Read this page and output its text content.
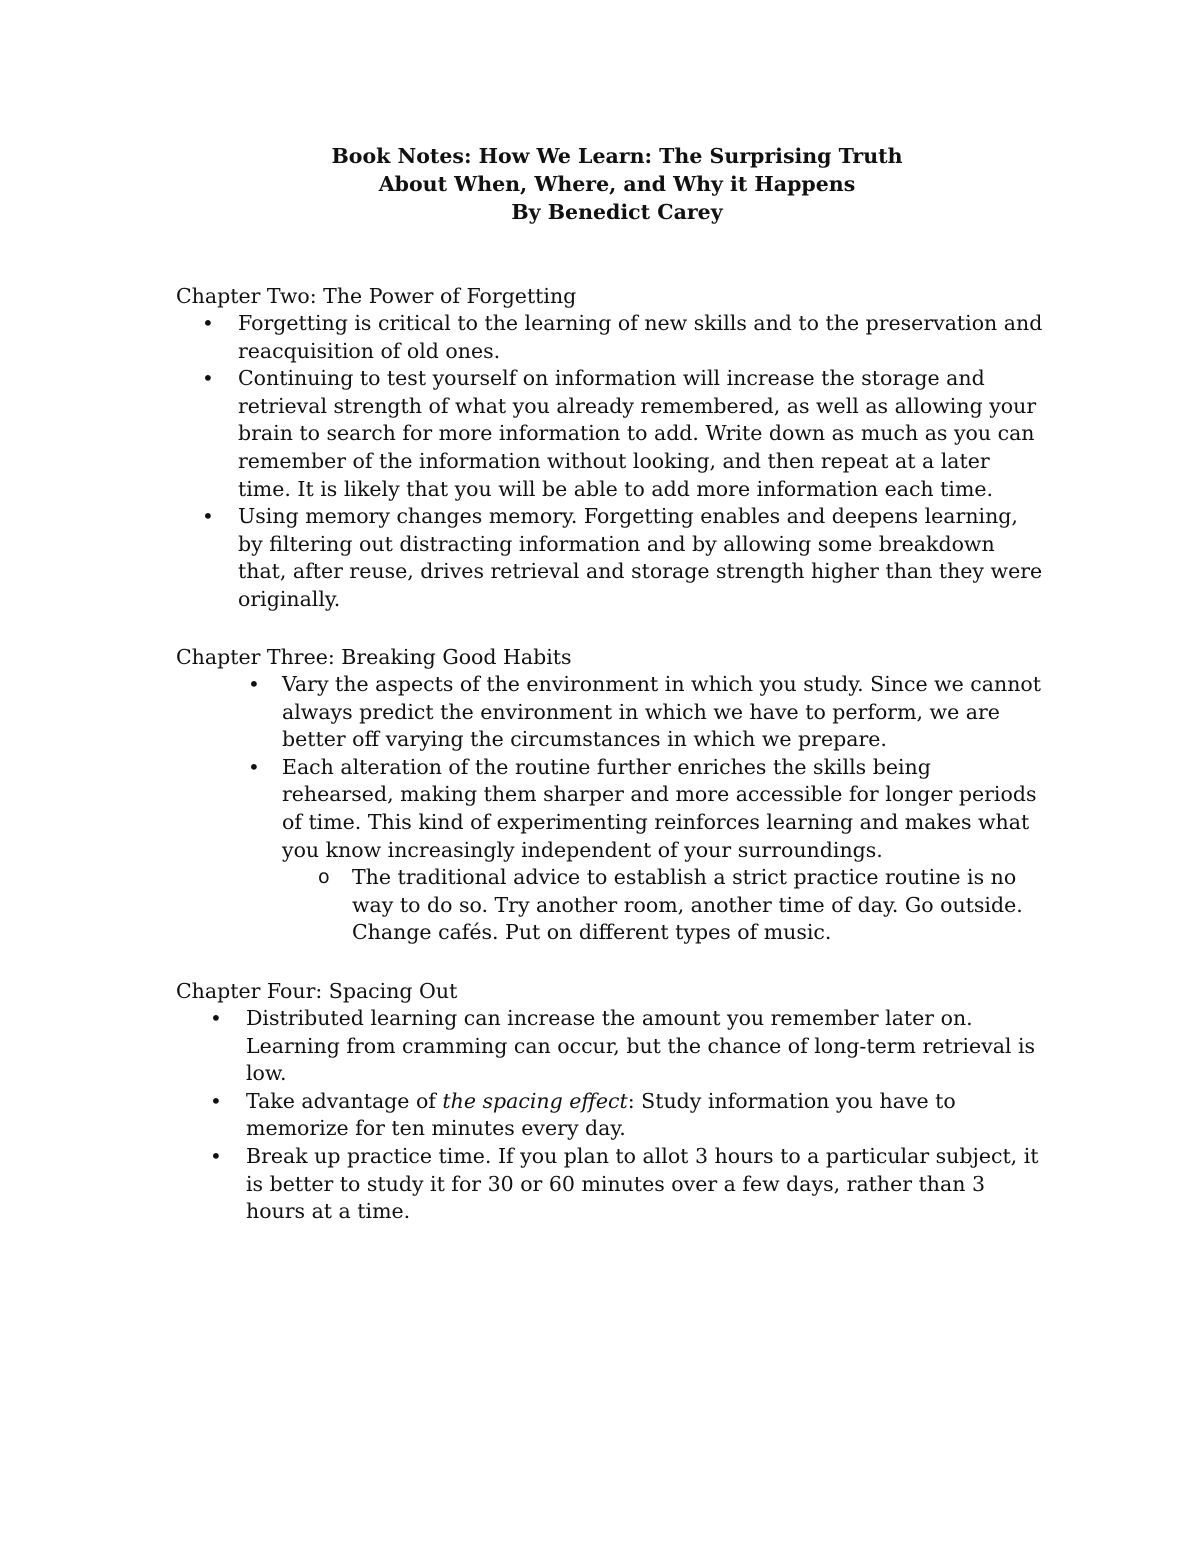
Book Notes: How We Learn: The Surprising Truth
About When, Where, and Why it Happens
By Benedict Carey

Chapter Two: The Power of Forgetting

• Forgetting is critical to the learning of new skills and to the preservation and reacquisition of old ones.
• Continuing to test yourself on information will increase the storage and retrieval strength of what you already remembered, as well as allowing your brain to search for more information to add. Write down as much as you can remember of the information without looking, and then repeat at a later time. It is likely that you will be able to add more information each time.
• Using memory changes memory. Forgetting enables and deepens learning, by filtering out distracting information and by allowing some breakdown that, after reuse, drives retrieval and storage strength higher than they were originally.

Chapter Three: Breaking Good Habits

• Vary the aspects of the environment in which you study. Since we cannot always predict the environment in which we have to perform, we are better off varying the circumstances in which we prepare.
• Each alteration of the routine further enriches the skills being rehearsed, making them sharper and more accessible for longer periods of time. This kind of experimenting reinforces learning and makes what you know increasingly independent of your surroundings.
o The traditional advice to establish a strict practice routine is no way to do so. Try another room, another time of day. Go outside. Change cafés. Put on different types of music.

Chapter Four: Spacing Out

• Distributed learning can increase the amount you remember later on. Learning from cramming can occur, but the chance of long-term retrieval is low.
• Take advantage of the spacing effect: Study information you have to memorize for ten minutes every day.
• Break up practice time. If you plan to allot 3 hours to a particular subject, it is better to study it for 30 or 60 minutes over a few days, rather than 3 hours at a time.
